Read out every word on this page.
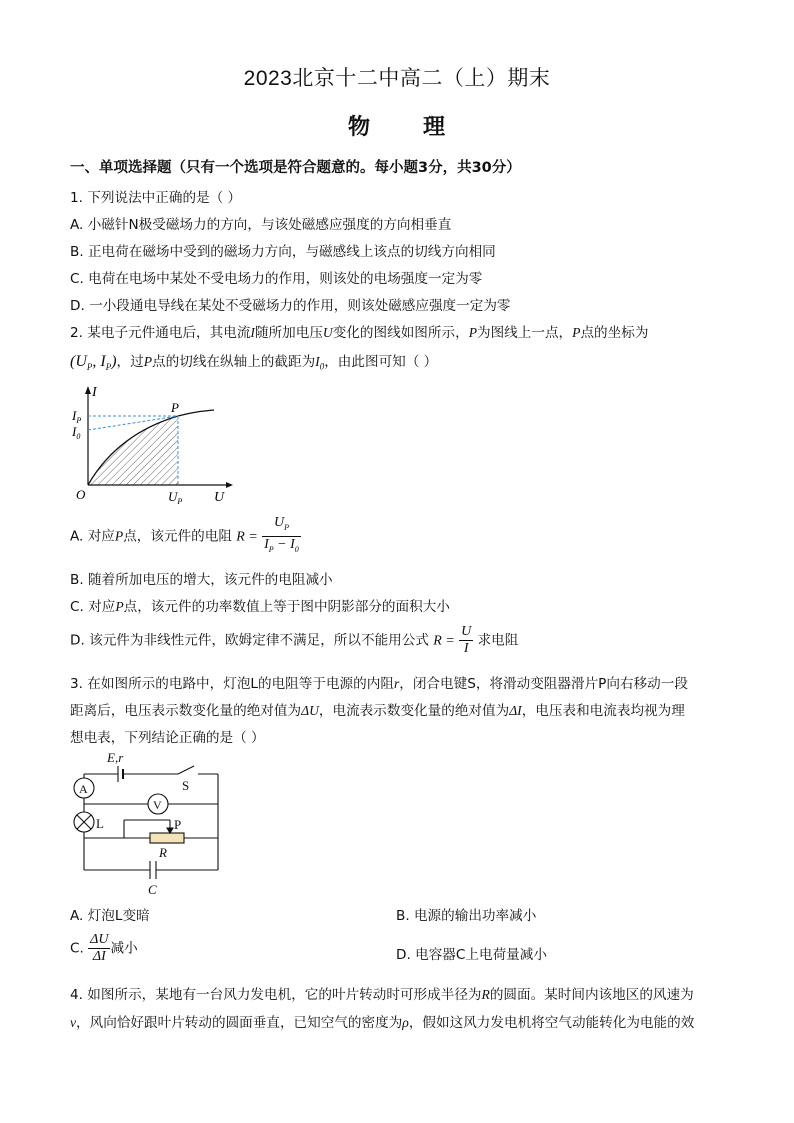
2023北京十二中高二（上）期末
物      理
一、单项选择题（只有一个选项是符合题意的。每小题3分，共30分）
1. 下列说法中正确的是（ ）
A. 小磁针N极受磁场力的方向，与该处磁感应强度的方向相垂直
B. 正电荷在磁场中受到的磁场力方向，与磁感线上该点的切线方向相同
C. 电荷在电场中某处不受电场力的作用，则该处的电场强度一定为零
D. 一小段通电导线在某处不受磁场力的作用，则该处磁感应强度一定为零
2. 某电子元件通电后，其电流I随所加电压U变化的图线如图所示，P为图线上一点，P点的坐标为
($U_P$, $I_P$)，过P点的切线在纵轴上的截距为$I_0$，由此图可知（ ）
I
U
O
$I_P$
$I_0$
$U_P$
P
A. 对应P点，该元件的电阻 $R = \frac{U_P}{I_P - I_0}$
B. 随着所加电压的增大，该元件的电阻减小
C. 对应P点，该元件的功率数值上等于图中阴影部分的面积大小
D. 该元件为非线性元件，欧姆定律不满足，所以不能用公式 $R = \frac{U}{I}$ 求电阻
3. 在如图所示的电路中，灯泡L的电阻等于电源的内阻r，闭合电键S，将滑动变阻器滑片P向右移动一段
距离后，电压表示数变化量的绝对值为ΔU，电流表示数变化量的绝对值为ΔI，电压表和电流表均视为理
想电表，下列结论正确的是（ ）
E,r
S
A
V
L	P
R
C
A. 灯泡L变暗	B. 电源的输出功率减小
C. $\frac{\Delta U}{\Delta I}$ 减小	D. 电容器C上电荷量减小
4. 如图所示，某地有一台风力发电机，它的叶片转动时可形成半径为R的圆面。某时间内该地区的风速为
v，风向恰好跟叶片转动的圆面垂直，已知空气的密度为ρ，假如这风力发电机将空气动能转化为电能的效
